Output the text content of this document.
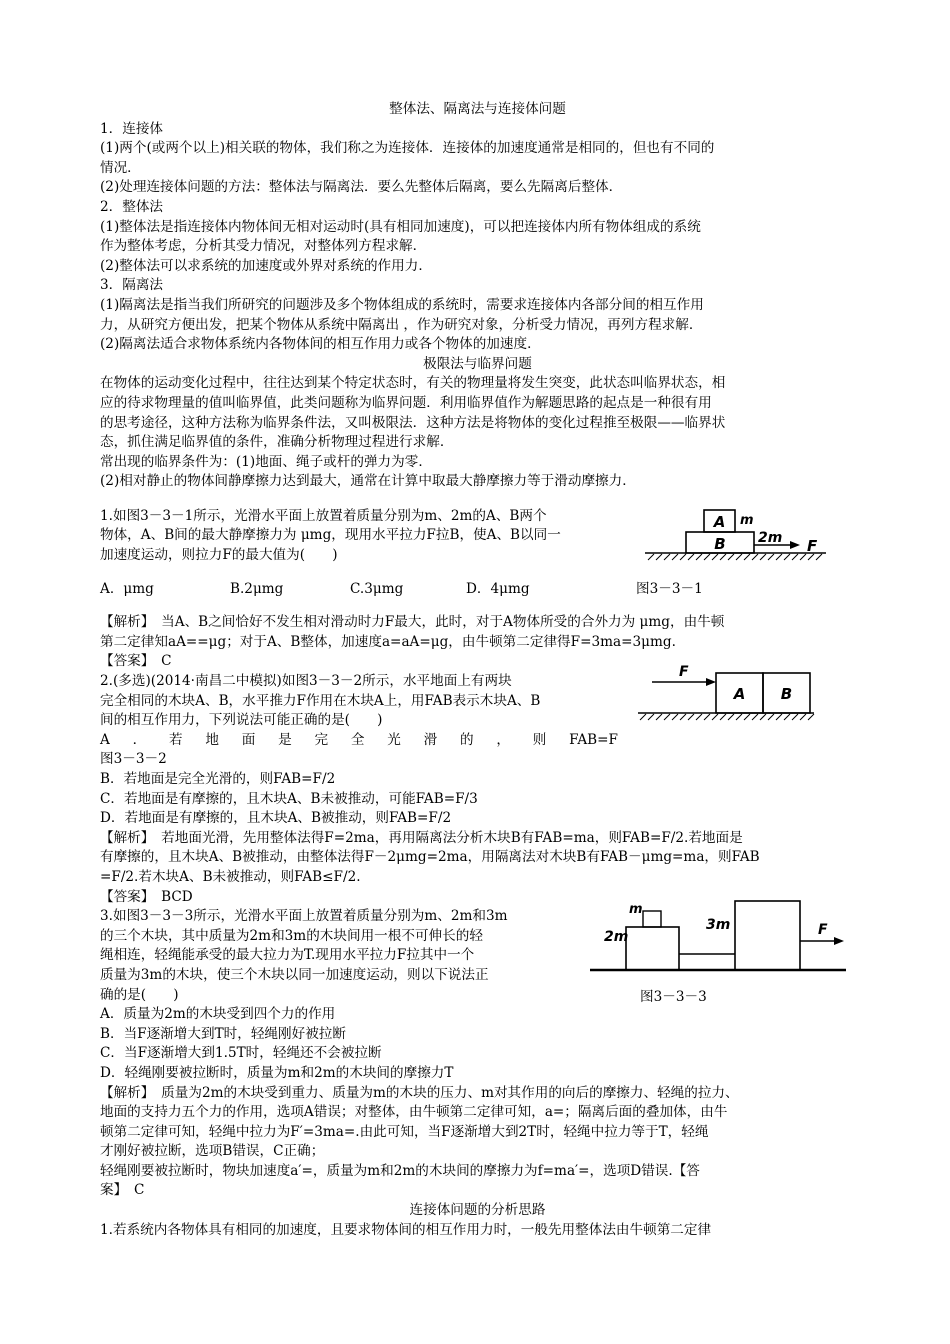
整体法、隔离法与连接体问题

1．连接体

(1)两个(或两个以上)相关联的物体，我们称之为连接体．连接体的加速度通常是相同的，但也有不同的

情况．

(2)处理连接体问题的方法：整体法与隔离法．要么先整体后隔离，要么先隔离后整体．

2．整体法

(1)整体法是指连接体内物体间无相对运动时(具有相同加速度)，可以把连接体内所有物体组成的系统

作为整体考虑，分析其受力情况，对整体列方程求解．

(2)整体法可以求系统的加速度或外界对系统的作用力．

3．隔离法

(1)隔离法是指当我们所研究的问题涉及多个物体组成的系统时，需要求连接体内各部分间的相互作用

力，从研究方便出发，把某个物体从系统中隔离出 ，作为研究对象，分析受力情况，再列方程求解．

(2)隔离法适合求物体系统内各物体间的相互作用力或各个物体的加速度．

极限法与临界问题

在物体的运动变化过程中，往往达到某个特定状态时，有关的物理量将发生突变，此状态叫临界状态，相

应的待求物理量的值叫临界值，此类问题称为临界问题．利用临界值作为解题思路的起点是一种很有用

的思考途径，这种方法称为临界条件法，又叫极限法．这种方法是将物体的变化过程推至极限——临界状

态，抓住满足临界值的条件，准确分析物理过程进行求解．

常出现的临界条件为：(1)地面、绳子或杆的弹力为零．

(2)相对静止的物体间静摩擦力达到最大，通常在计算中取最大静摩擦力等于滑动摩擦力．

1.如图3－3－1所示，光滑水平面上放置着质量分别为m、2m的A、B两个

物体，A、B间的最大静摩擦力为 μmg，现用水平拉力F拉B，使A、B以同一

加速度运动，则拉力F的最大值为(　　)

A．μmg	B.2μmg	C.3μmg	D．4μmg	图3－3－1

【解析】　当A、B之间恰好不发生相对滑动时力F最大，此时，对于A物体所受的合外力为 μmg，由牛顿

第二定律知aA==μg；对于A、B整体，加速度a=aA=μg，由牛顿第二定律得F=3ma=3μmg.

【答案】　C

2.(多选)(2014·南昌二中模拟)如图3－3－2所示，水平地面上有两块

完全相同的木块A、B，水平推力F作用在木块A上，用FAB表示木块A、B

间的相互作用力，下列说法可能正确的是(　　)

A．若地面是完全光滑的，则FAB=F

图3－3－2

B．若地面是完全光滑的，则FAB=F/2

C．若地面是有摩擦的，且木块A、B未被推动，可能FAB=F/3

D．若地面是有摩擦的，且木块A、B被推动，则FAB=F/2

【解析】　若地面光滑，先用整体法得F=2ma，再用隔离法分析木块B有FAB=ma，则FAB=F/2.若地面是

有摩擦的，且木块A、B被推动，由整体法得F－2μmg=2ma，用隔离法对木块B有FAB－μmg=ma，则FAB

=F/2.若木块A、B未被推动，则FAB≤F/2.

【答案】　BCD

3.如图3－3－3所示，光滑水平面上放置着质量分别为m、2m和3m

的三个木块，其中质量为2m和3m的木块间用一根不可伸长的轻

绳相连，轻绳能承受的最大拉力为T.现用水平拉力F拉其中一个

质量为3m的木块，使三个木块以同一加速度运动，则以下说法正

确的是(　　)

A．质量为2m的木块受到四个力的作用

B．当F逐渐增大到T时，轻绳刚好被拉断

C．当F逐渐增大到1.5T时，轻绳还不会被拉断

D．轻绳刚要被拉断时，质量为m和2m的木块间的摩擦力T

【解析】　质量为2m的木块受到重力、质量为m的木块的压力、m对其作用的向后的摩擦力、轻绳的拉力、

地面的支持力五个力的作用，选项A错误；对整体，由牛顿第二定律可知，a=；隔离后面的叠加体，由牛

顿第二定律可知，轻绳中拉力为F′=3ma=.由此可知，当F逐渐增大到2T时，轻绳中拉力等于T，轻绳

才刚好被拉断，选项B错误，C正确；

轻绳刚要被拉断时，物块加速度a′=，质量为m和2m的木块间的摩擦力为f=ma′=，选项D错误.【答

案】　C

连接体问题的分析思路

1.若系统内各物体具有相同的加速度，且要求物体间的相互作用力时，一般先用整体法由牛顿第二定律

A m
B 2m F
F
A B
m
2m
3m	F

图3－3－3
